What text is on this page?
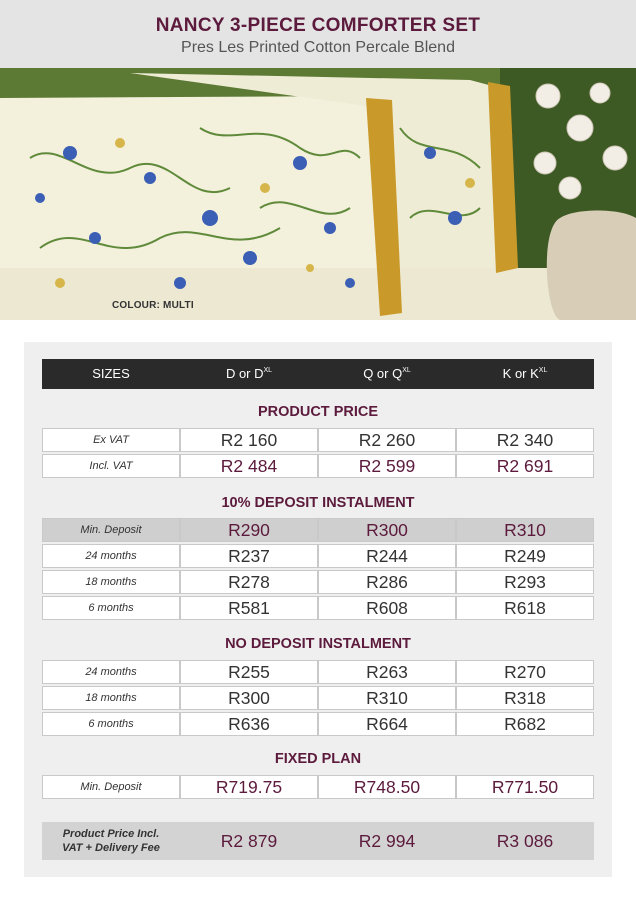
NANCY 3-PIECE COMFORTER SET
Pres Les Printed Cotton Percale Blend
COLOUR: MULTI
SIZES	D or $D^{XL}$	Q or $Q^{XL}$	K or $K^{XL}$
PRODUCT PRICE
Ex VAT	R2 160	R2 260	R2 340
Incl. VAT	R2 484	R2 599	R2 691
10% DEPOSIT INSTALMENT
Min. Deposit	R290	R300	R310
24 months	R237	R244	R249
18 months	R278	R286	R293
6 months	R581	R608	R618
NO DEPOSIT INSTALMENT
24 months	R255	R263	R270
18 months	R300	R310	R318
6 months	R636	R664	R682
FIXED PLAN
Min. Deposit	R719.75	R748.50	R771.50
Product Price Incl.
VAT + Delivery Fee	R2 879	R2 994	R3 086
